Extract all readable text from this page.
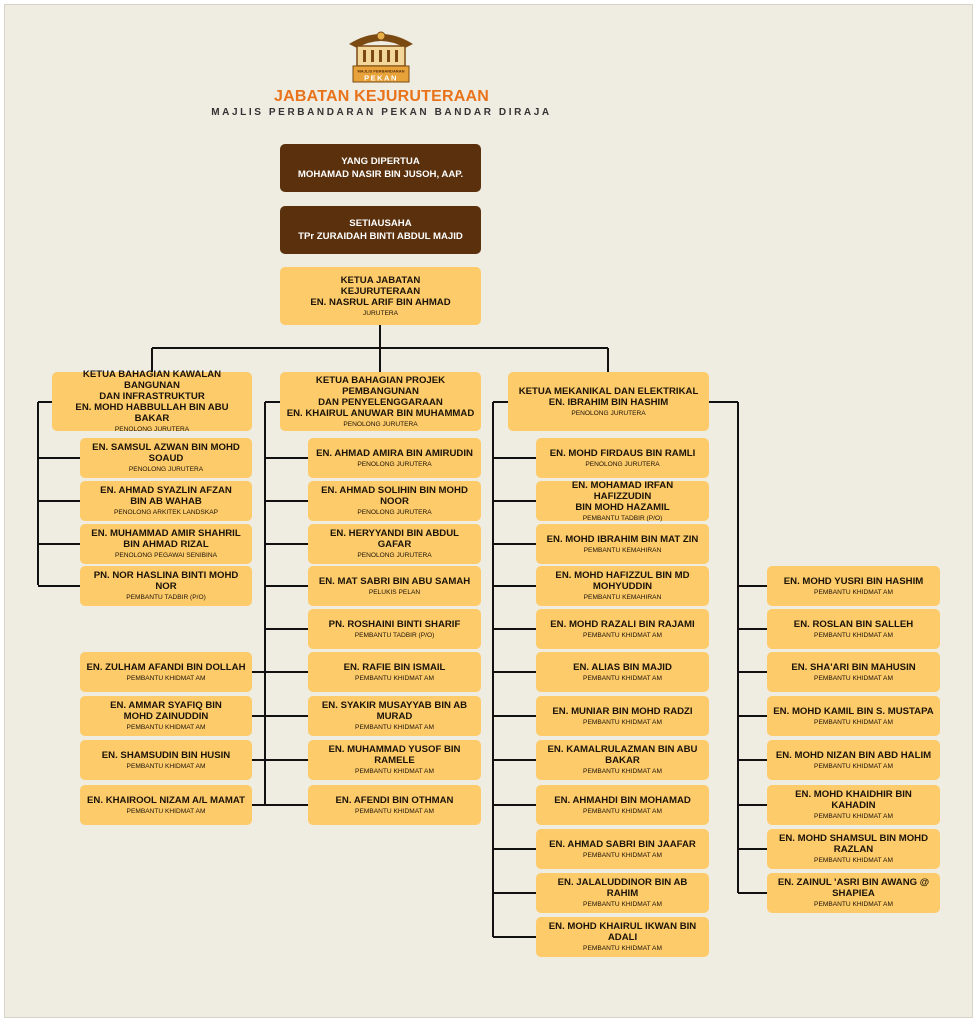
MAJLIS PERBANDARAN
PEKAN
JABATAN KEJURUTERAAN
MAJLIS PERBANDARAN PEKAN BANDAR DIRAJA
YANG DIPERTUA
MOHAMAD NASIR BIN JUSOH, AAP.
SETIAUSAHA
TPr ZURAIDAH BINTI ABDUL MAJID
KETUA JABATAN
KEJURUTERAAN
EN. NASRUL ARIF BIN AHMAD
JURUTERA
KETUA BAHAGIAN KAWALAN BANGUNAN
DAN INFRASTRUKTUR
EN. MOHD HABBULLAH BIN ABU BAKAR
PENOLONG JURUTERA
EN. SAMSUL AZWAN BIN MOHD SOAUD
PENOLONG JURUTERA
EN. AHMAD SYAZLIN AFZAN
BIN AB WAHAB
PENOLONG ARKITEK LANDSKAP
EN. MUHAMMAD AMIR SHAHRIL
BIN AHMAD RIZAL
PENOLONG PEGAWAI SENIBINA
PN. NOR HASLINA BINTI MOHD NOR
PEMBANTU TADBIR (P/O)
KETUA BAHAGIAN PROJEK PEMBANGUNAN
DAN PENYELENGGARAAN
EN. KHAIRUL ANUWAR BIN MUHAMMAD
PENOLONG JURUTERA
EN. AHMAD AMIRA BIN AMIRUDIN
PENOLONG JURUTERA
EN. AHMAD SOLIHIN BIN MOHD NOOR
PENOLONG JURUTERA
EN. HERYYANDI BIN ABDUL GAFAR
PENOLONG JURUTERA
EN. MAT SABRI BIN ABU SAMAH
PELUKIS PELAN
PN. ROSHAINI BINTI SHARIF
PEMBANTU TADBIR (P/O)
EN. RAFIE BIN ISMAIL
PEMBANTU KHIDMAT AM
EN. SYAKIR MUSAYYAB BIN AB MURAD
PEMBANTU KHIDMAT AM
EN. MUHAMMAD YUSOF BIN RAMELE
PEMBANTU KHIDMAT AM
EN. AFENDI BIN OTHMAN
PEMBANTU KHIDMAT AM
EN. ZULHAM AFANDI BIN DOLLAH
PEMBANTU KHIDMAT AM
EN. AMMAR SYAFIQ BIN
MOHD ZAINUDDIN
PEMBANTU KHIDMAT AM
EN. SHAMSUDIN BIN HUSIN
PEMBANTU KHIDMAT AM
EN. KHAIROOL NIZAM A/L MAMAT
PEMBANTU KHIDMAT AM
KETUA MEKANIKAL DAN ELEKTRIKAL
EN. IBRAHIM BIN HASHIM
PENOLONG JURUTERA
EN. MOHD FIRDAUS BIN RAMLI
PENOLONG JURUTERA
EN. MOHAMAD IRFAN HAFIZZUDIN
BIN MOHD HAZAMIL
PEMBANTU TADBIR (P/O)
EN. MOHD IBRAHIM BIN MAT ZIN
PEMBANTU KEMAHIRAN
EN. MOHD HAFIZZUL BIN MD MOHYUDDIN
PEMBANTU KEMAHIRAN
EN. MOHD RAZALI BIN RAJAMI
PEMBANTU KHIDMAT AM
EN. ALIAS BIN MAJID
PEMBANTU KHIDMAT AM
EN. MUNIAR BIN MOHD RADZI
PEMBANTU KHIDMAT AM
EN. KAMALRULAZMAN BIN ABU BAKAR
PEMBANTU KHIDMAT AM
EN. AHMAHDI BIN MOHAMAD
PEMBANTU KHIDMAT AM
EN. AHMAD SABRI BIN JAAFAR
PEMBANTU KHIDMAT AM
EN. JALALUDDINOR BIN AB RAHIM
PEMBANTU KHIDMAT AM
EN. MOHD KHAIRUL IKWAN BIN ADALI
PEMBANTU KHIDMAT AM
EN. MOHD YUSRI BIN HASHIM
PEMBANTU KHIDMAT AM
EN. ROSLAN BIN SALLEH
PEMBANTU KHIDMAT AM
EN. SHA'ARI BIN MAHUSIN
PEMBANTU KHIDMAT AM
EN. MOHD KAMIL BIN S. MUSTAPA
PEMBANTU KHIDMAT AM
EN. MOHD NIZAN BIN ABD HALIM
PEMBANTU KHIDMAT AM
EN. MOHD KHAIDHIR BIN KAHADIN
PEMBANTU KHIDMAT AM
EN. MOHD SHAMSUL BIN MOHD RAZLAN
PEMBANTU KHIDMAT AM
EN. ZAINUL 'ASRI BIN AWANG @
SHAPIEA
PEMBANTU KHIDMAT AM
